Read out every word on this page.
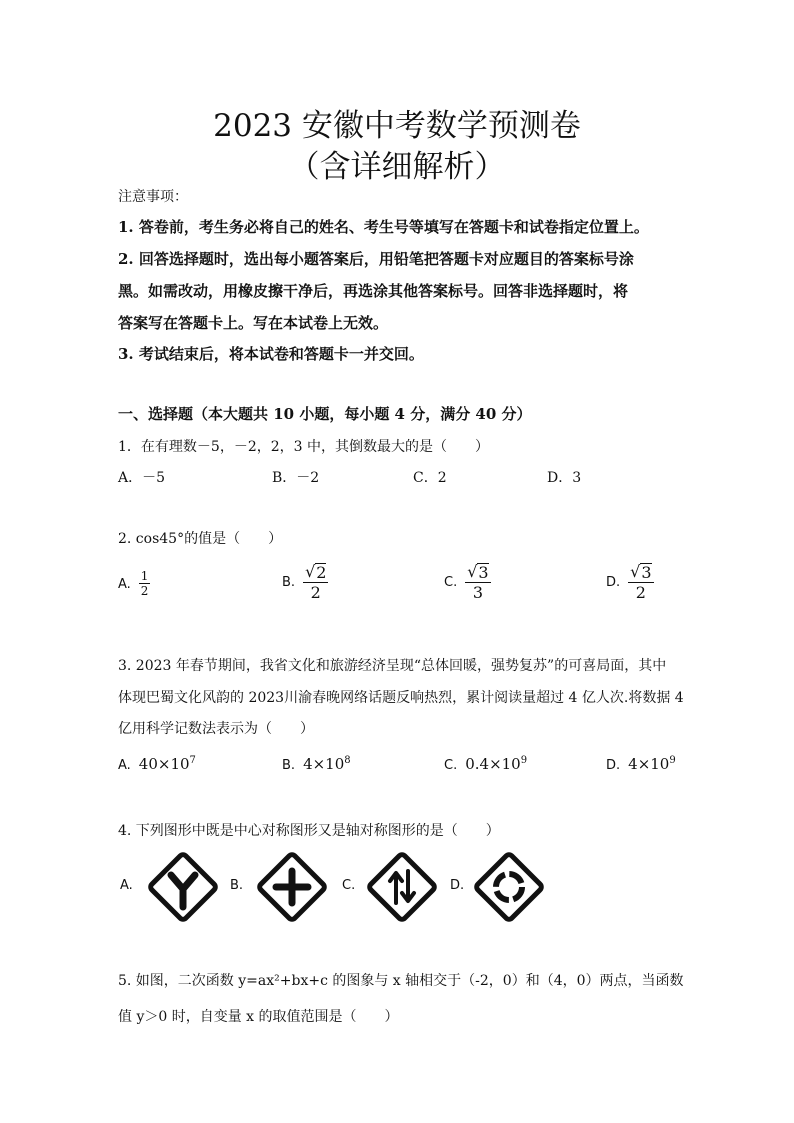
2023 安徽中考数学预测卷
（含详细解析）
注意事项：
1. 答卷前，考生务必将自己的姓名、考生号等填写在答题卡和试卷指定位置上。
2. 回答选择题时，选出每小题答案后，用铅笔把答题卡对应题目的答案标号涂
黑。如需改动，用橡皮擦干净后，再选涂其他答案标号。回答非选择题时，将
答案写在答题卡上。写在本试卷上无效。
3. 考试结束后，将本试卷和答题卡一并交回。
一、选择题（本大题共 10 小题，每小题 4 分，满分 40 分）
1．在有理数－5，－2，2，3 中，其倒数最大的是（　　）
A．－5	B．－2	C．2	D．3
2. cos45°的值是（　　）
A. $\frac{1}{2}$	B. $\frac{√ 2}{2}$	C. $\frac{√ 3}{3}$	D. $\frac{√ 3}{2}$
3. 2023 年春节期间，我省文化和旅游经济呈现“总体回暖，强势复苏”的可喜局面，其中
体现巴蜀文化风韵的 2023川渝春晚网络话题反响热烈，累计阅读量超过 4 亿人次.将数据 4
亿用科学记数法表示为（　　）
A. $40\times 10^7$	B. $4\times 10^8$	C. $0.4\times 10^9$	D. $4\times 10^9$
4. 下列图形中既是中心对称图形又是轴对称图形的是（　　）
A.	B.	C.	D.
5. 如图，二次函数 y=ax²+bx+c 的图象与 x 轴相交于（-2，0）和（4，0）两点，当函数
值 y＞0 时，自变量 x 的取值范围是（　　）
